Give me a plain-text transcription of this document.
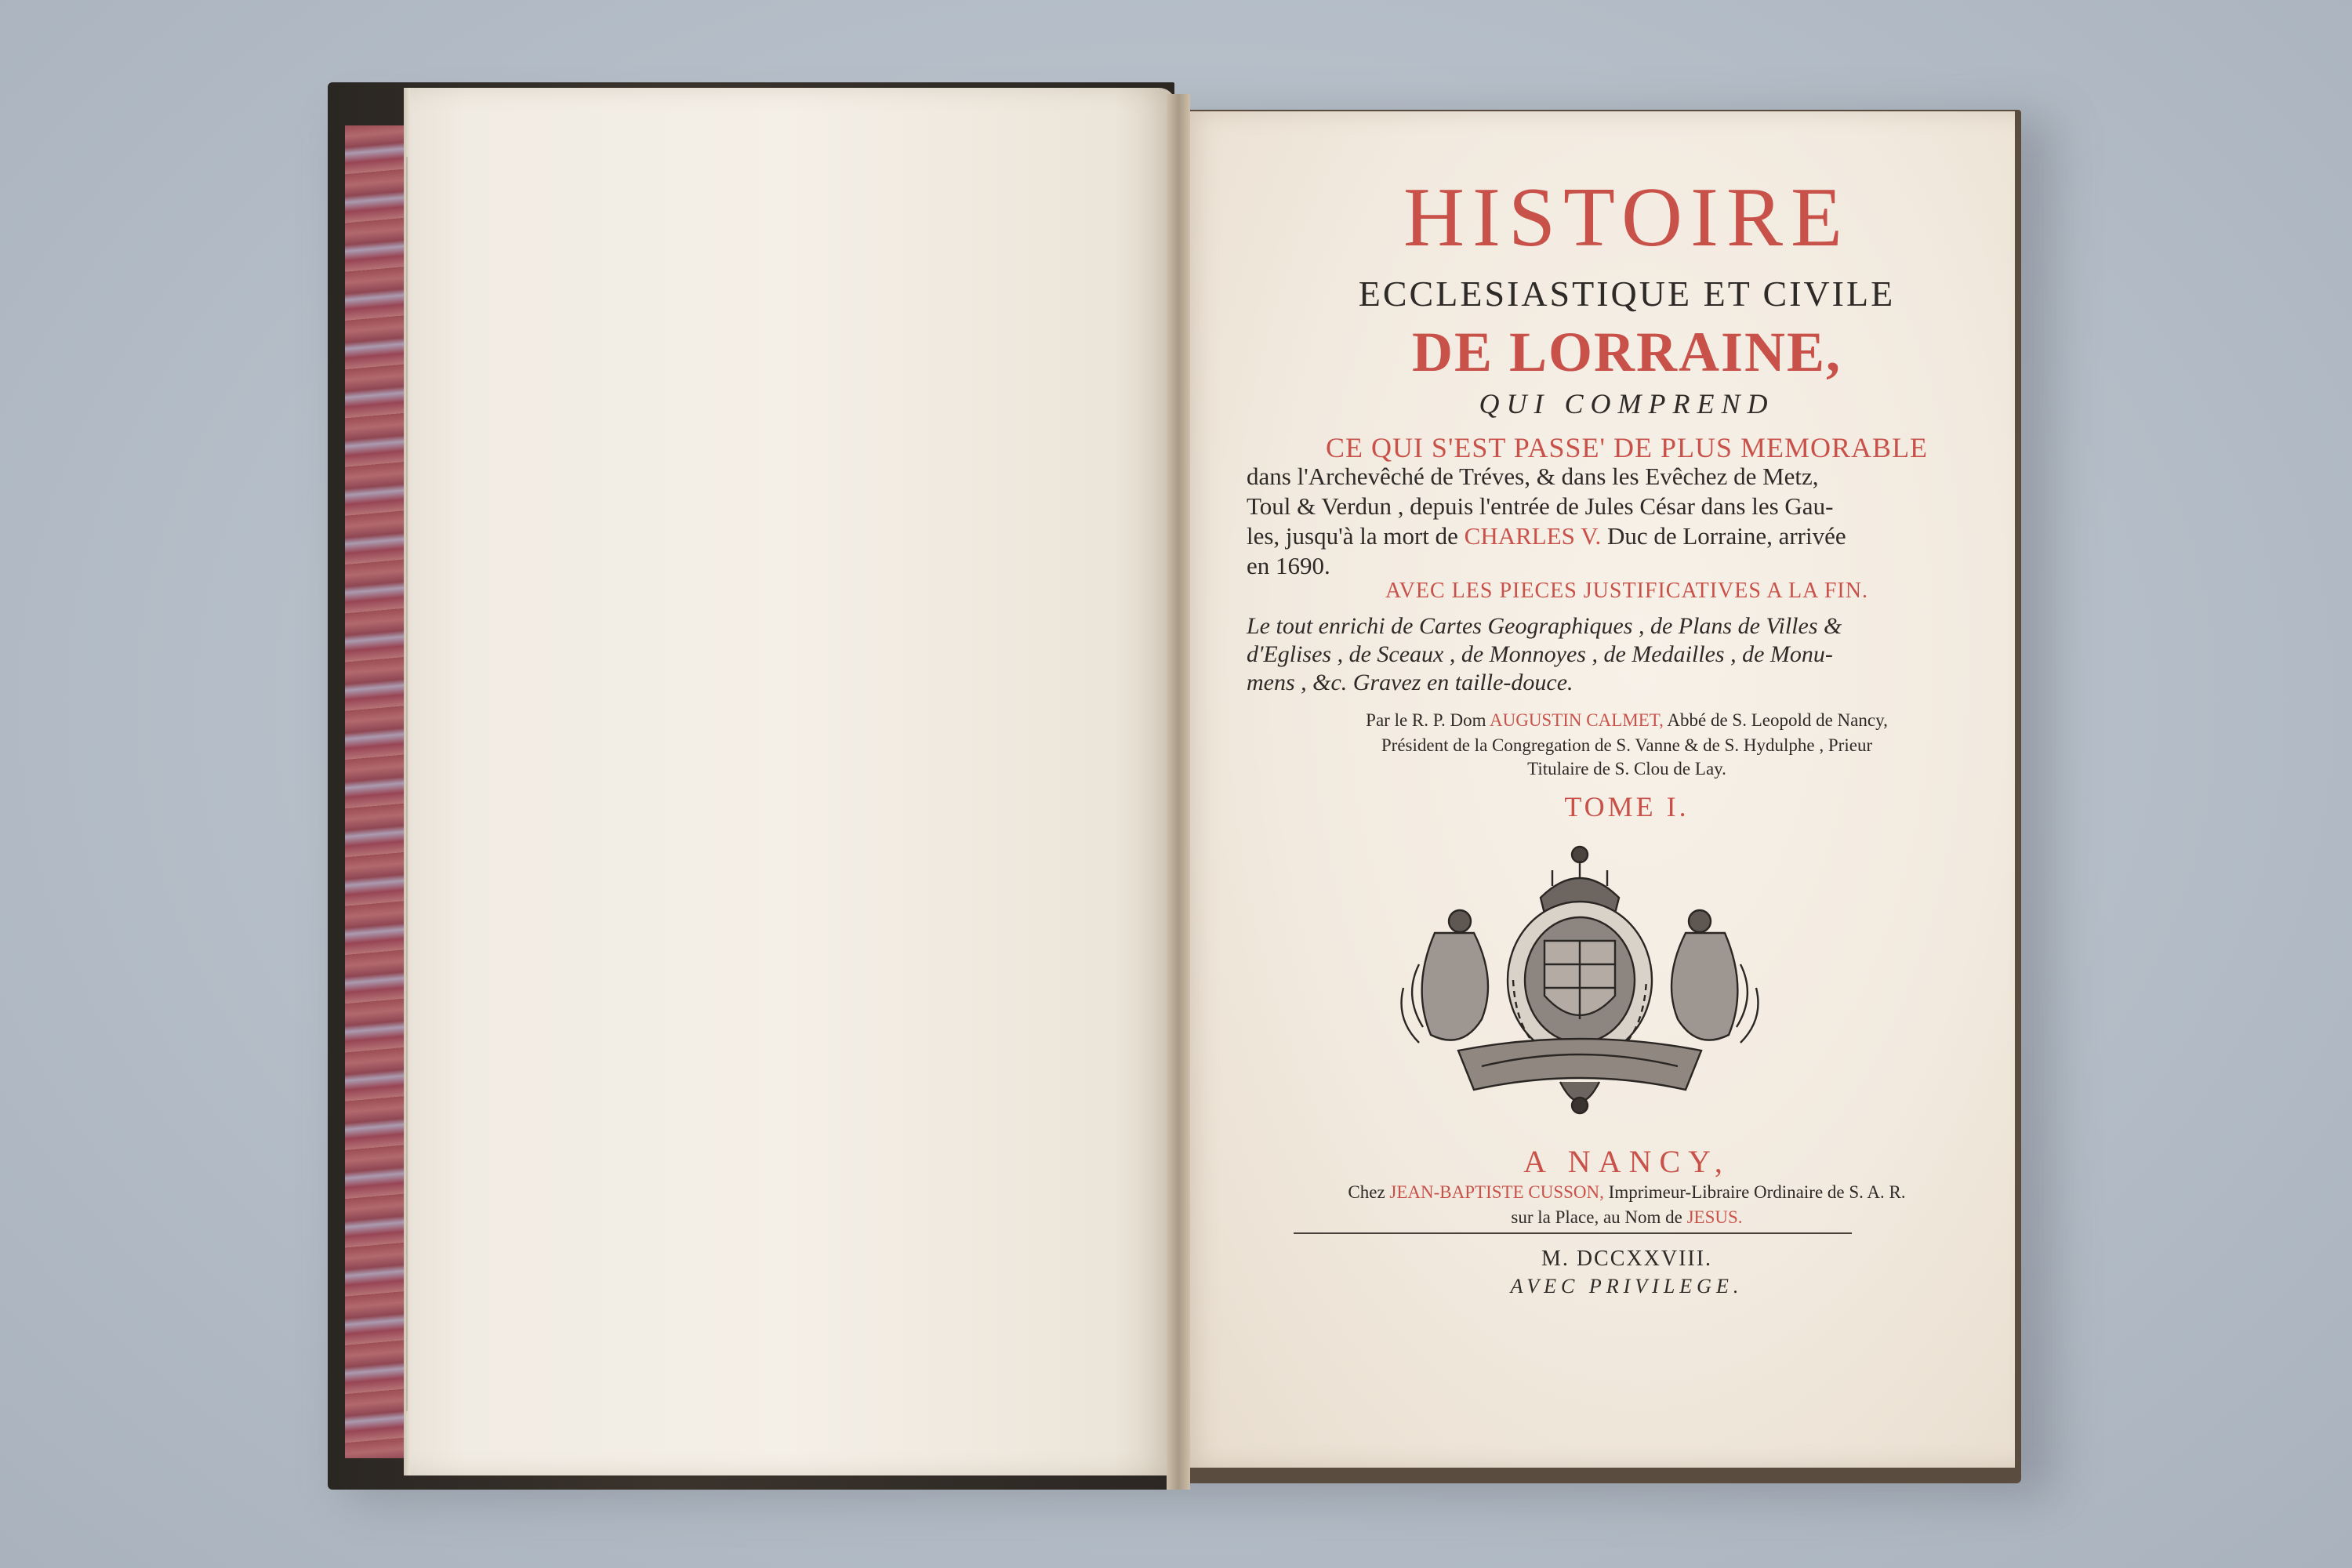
HISTOIRE
ECCLESIASTIQUE ET CIVILE
DE LORRAINE,
QUI COMPREND
CE QUI S'EST PASSE' DE PLUS MEMORABLE
dans l'Archevêché de Tréves, & dans les Evêchez de Metz,
Toul & Verdun , depuis l'entrée de Jules César dans les Gau-
les, jusqu'à la mort de CHARLES V. Duc de Lorraine, arrivée
en 1690.
AVEC LES PIECES JUSTIFICATIVES A LA FIN.
Le tout enrichi de Cartes Geographiques , de Plans de Villes &
d'Eglises , de Sceaux , de Monnoyes , de Medailles , de Monu-
mens , &c. Gravez en taille-douce.
Par le R. P. Dom AUGUSTIN CALMET, Abbé de S. Leopold de Nancy,
Président de la Congregation de S. Vanne & de S. Hydulphe , Prieur
Titulaire de S. Clou de Lay.
TOME I.
A NANCY,
Chez JEAN-BAPTISTE CUSSON, Imprimeur-Libraire Ordinaire de S. A. R.
sur la Place, au Nom de JESUS.
M. DCCXXVIII.
AVEC PRIVILEGE.
